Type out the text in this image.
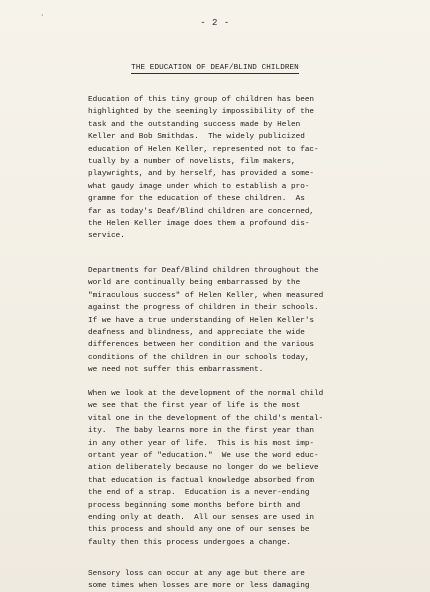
·
- 2 -
THE EDUCATION OF DEAF/BLIND CHILDREN
Education of this tiny group of children has been
highlighted by the seemingly impossibility of the
task and the outstanding success made by Helen
Keller and Bob Smithdas.  The widely publicized
education of Helen Keller, represented not to fac-
tually by a number of novelists, film makers,
playwrights, and by herself, has provided a some-
what gaudy image under which to establish a pro-
gramme for the education of these children.  As
far as today's Deaf/Blind children are concerned,
the Helen Keller image does them a profound dis-
service.
Departments for Deaf/Blind children throughout the
world are continually being embarrassed by the
"miraculous success" of Helen Keller, when measured
against the progress of children in their schools.
If we have a true understanding of Helen Keller's
deafness and blindness, and appreciate the wide
differences between her condition and the various
conditions of the children in our schools today,
we need not suffer this embarrassment.
When we look at the development of the normal child
we see that the first year of life is the most
vital one in the development of the child's mental-
ity.  The baby learns more in the first year than
in any other year of life.  This is his most imp-
ortant year of "education."  We use the word educ-
ation deliberately because no longer do we believe
that education is factual knowledge absorbed from
the end of a strap.  Education is a never-ending
process beginning some months before birth and
ending only at death.  All our senses are used in
this process and should any one of our senses be
faulty then this process undergoes a change.
Sensory loss can occur at any age but there are
some times when losses are more or less damaging
